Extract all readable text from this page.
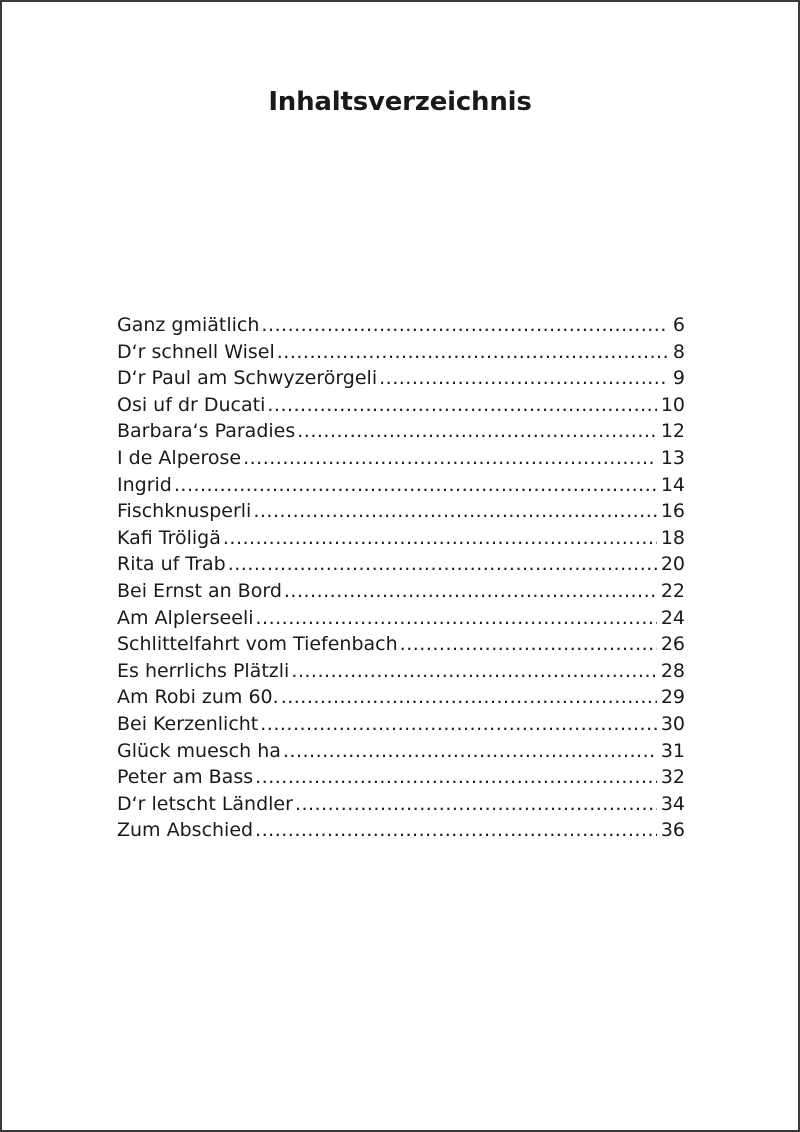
Inhaltsverzeichnis
Ganz gmiätlich .....	6
D‘r schnell Wisel .....	8
D‘r Paul am Schwyzerörgeli .....	9
Osi uf dr Ducati .....	10
Barbara‘s Paradies .....	12
I de Alperose .....	13
Ingrid .....	14
Fischknusperli .....	16
Kafi Tröligä .....	18
Rita uf Trab .....	20
Bei Ernst an Bord .....	22
Am Alplerseeli .....	24
Schlittelfahrt vom Tiefenbach .....	26
Es herrlichs Plätzli .....	28
Am Robi zum 60. .....	29
Bei Kerzenlicht .....	30
Glück muesch ha .....	31
Peter am Bass .....	32
D‘r letscht Ländler .....	34
Zum Abschied .....	36
